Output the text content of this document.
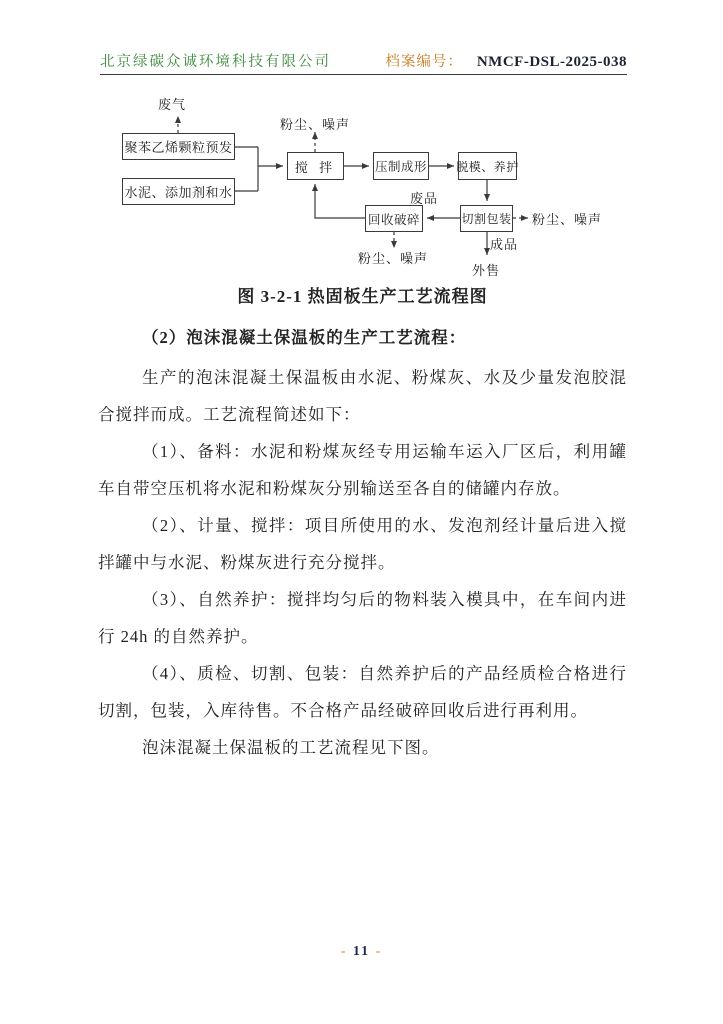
北京绿碳众诚环境科技有限公司	档案编号： NMCF-DSL-2025-038
聚苯乙烯颗粒预发
水泥、添加剂和水
搅 拌	压制成形 脱模、养护
回收破碎	切割包装
废气
粉尘、噪声
废品
粉尘、噪声
粉尘、噪声
成品
外售
图 3-2-1 热固板生产工艺流程图
（2）泡沫混凝土保温板的生产工艺流程：

生产的泡沫混凝土保温板由水泥、粉煤灰、水及少量发泡胶混合搅拌而成。工艺流程简述如下：

（1）、备料：水泥和粉煤灰经专用运输车运入厂区后，利用罐车自带空压机将水泥和粉煤灰分别输送至各自的储罐内存放。

（2）、计量、搅拌：项目所使用的水、发泡剂经计量后进入搅拌罐中与水泥、粉煤灰进行充分搅拌。

（3）、自然养护：搅拌均匀后的物料装入模具中，在车间内进行 24h 的自然养护。

（4）、质检、切割、包装：自然养护后的产品经质检合格进行切割，包装，入库待售。不合格产品经破碎回收后进行再利用。

泡沫混凝土保温板的工艺流程见下图。

- 11 -
